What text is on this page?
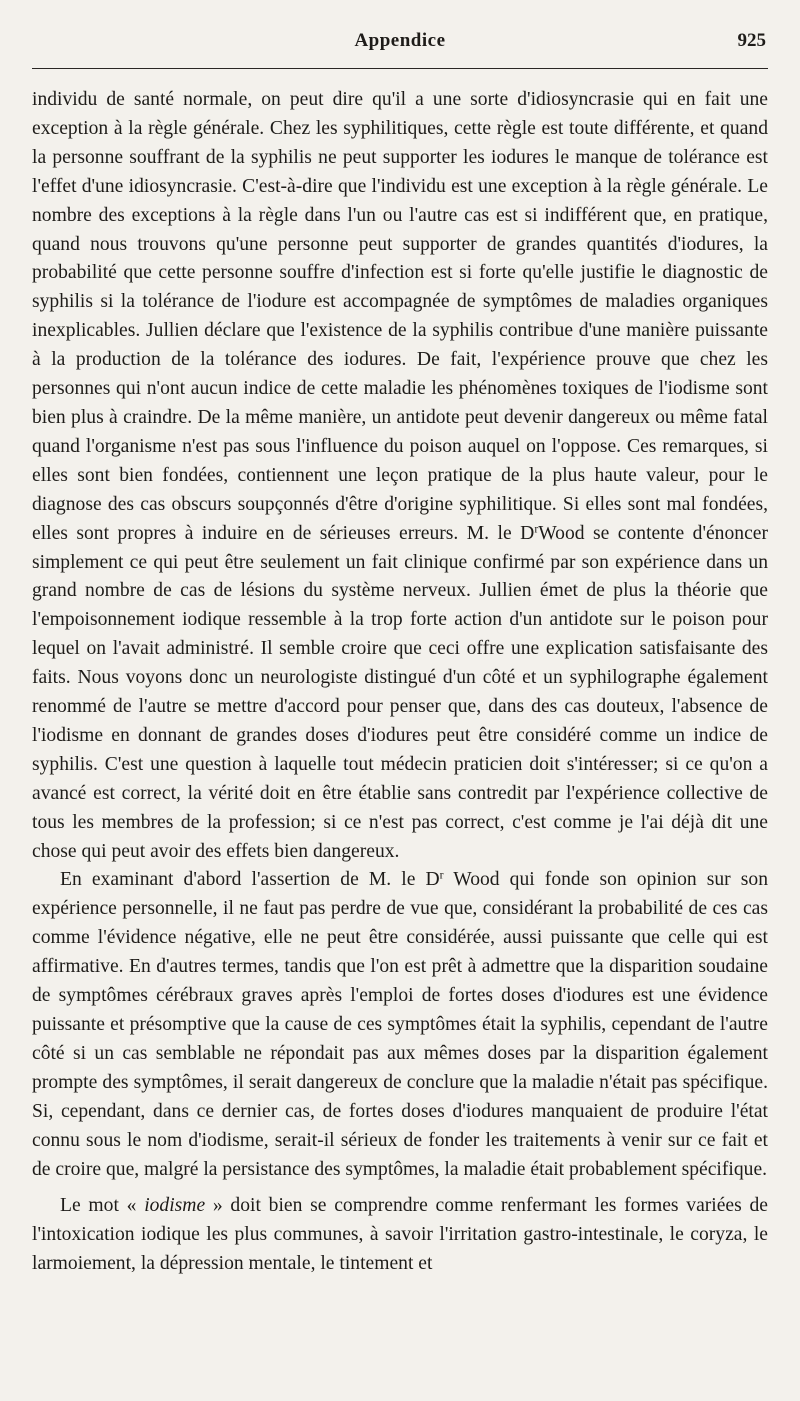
Appendice	925

individu de santé normale, on peut dire qu'il a une sorte d'idiosyncrasie qui en fait une exception à la règle générale. Chez les syphilitiques, cette règle est toute différente, et quand la personne souffrant de la syphilis ne peut supporter les iodures le manque de tolérance est l'effet d'une idiosyncrasie. C'est-à-dire que l'individu est une exception à la règle générale. Le nombre des exceptions à la règle dans l'un ou l'autre cas est si indifférent que, en pratique, quand nous trouvons qu'une personne peut supporter de grandes quantités d'iodures, la probabilité que cette personne souffre d'infection est si forte qu'elle justifie le diagnostic de syphilis si la tolérance de l'iodure est accompagnée de symptômes de maladies organiques inexplicables. Jullien déclare que l'existence de la syphilis contribue d'une manière puissante à la production de la tolérance des iodures. De fait, l'expérience prouve que chez les personnes qui n'ont aucun indice de cette maladie les phénomènes toxiques de l'iodisme sont bien plus à craindre. De la même manière, un antidote peut devenir dangereux ou même fatal quand l'organisme n'est pas sous l'influence du poison auquel on l'oppose. Ces remarques, si elles sont bien fondées, contiennent une leçon pratique de la plus haute valeur, pour le diagnose des cas obscurs soupçonnés d'être d'origine syphilitique. Si elles sont mal fondées, elles sont propres à induire en de sérieuses erreurs. M. le $D^rWood$ se contente d'énoncer simplement ce qui peut être seulement un fait clinique confirmé par son expérience dans un grand nombre de cas de lésions du système nerveux. Jullien émet de plus la théorie que l'empoisonnement iodique ressemble à la trop forte action d'un antidote sur le poison pour lequel on l'avait administré. Il semble croire que ceci offre une explication satisfaisante des faits. Nous voyons donc un neurologiste distingué d'un côté et un syphilographe également renommé de l'autre se mettre d'accord pour penser que, dans des cas douteux, l'absence de l'iodisme en donnant de grandes doses d'iodures peut être considéré comme un indice de syphilis. C'est une question à laquelle tout médecin praticien doit s'intéresser; si ce qu'on a avancé est correct, la vérité doit en être établie sans contredit par l'expérience collective de tous les membres de la profession; si ce n'est pas correct, c'est comme je l'ai déjà dit une chose qui peut avoir des effets bien dangereux.

En examinant d'abord l'assertion de M. le $D^r$ Wood qui fonde son opinion sur son expérience personnelle, il ne faut pas perdre de vue que, considérant la probabilité de ces cas comme l'évidence négative, elle ne peut être considérée, aussi puissante que celle qui est affirmative. En d'autres termes, tandis que l'on est prêt à admettre que la disparition soudaine de symptômes cérébraux graves après l'emploi de fortes doses d'iodures est une évidence puissante et présomptive que la cause de ces symptômes était la syphilis, cependant de l'autre côté si un cas semblable ne répondait pas aux mêmes doses par la disparition également prompte des symptômes, il serait dangereux de conclure que la maladie n'était pas spécifique. Si, cependant, dans ce dernier cas, de fortes doses d'iodures manquaient de produire l'état connu sous le nom d'iodisme, serait-il sérieux de fonder les traitements à venir sur ce fait et de croire que, malgré la persistance des symptômes, la maladie était probablement spécifique.

Le mot « iodisme » doit bien se comprendre comme renfermant les formes variées de l'intoxication iodique les plus communes, à savoir l'irritation gastro-intestinale, le coryza, le larmoiement, la dépression mentale, le tintement et
